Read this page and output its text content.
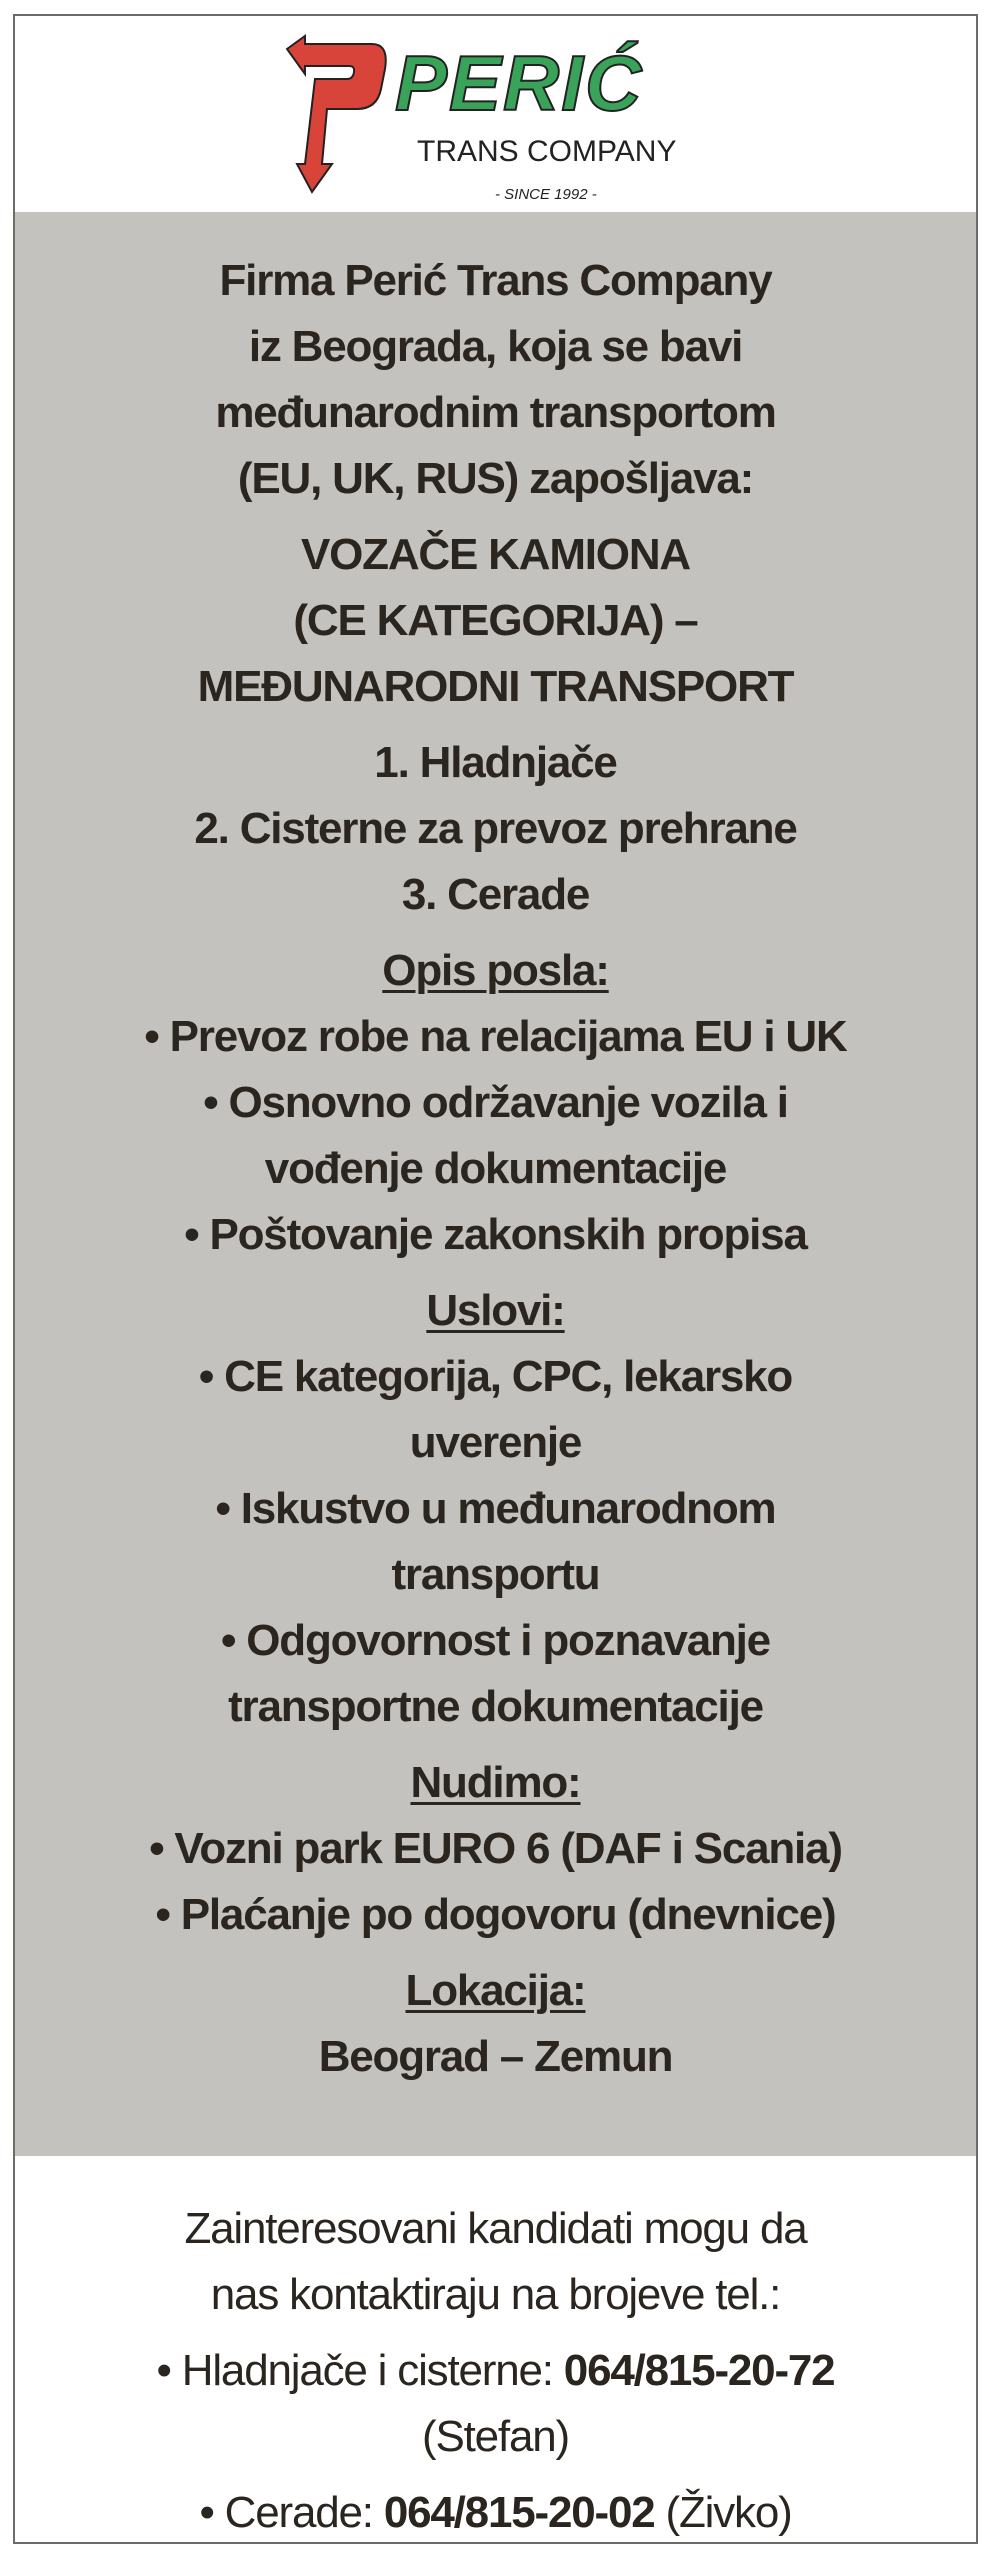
PERIĆ
TRANS COMPANY
- SINCE 1992 -
Firma Perić Trans Company
iz Beograda, koja se bavi
međunarodnim transportom
(EU, UK, RUS) zapošljava:
VOZAČE KAMIONA
(CE KATEGORIJA) –
MEĐUNARODNI TRANSPORT
1. Hladnjače
2. Cisterne za prevoz prehrane
3. Cerade
Opis posla:
• Prevoz robe na relacijama EU i UK
• Osnovno održavanje vozila i
vođenje dokumentacije
• Poštovanje zakonskih propisa
Uslovi:
• CE kategorija, CPC, lekarsko
uverenje
• Iskustvo u međunarodnom
transportu
• Odgovornost i poznavanje
transportne dokumentacije
Nudimo:
• Vozni park EURO 6 (DAF i Scania)
• Plaćanje po dogovoru (dnevnice)
Lokacija:
Beograd – Zemun
Zainteresovani kandidati mogu da
nas kontaktiraju na brojeve tel.:
• Hladnjače i cisterne: 064/815-20-72
(Stefan)
• Cerade: 064/815-20-02 (Živko)
